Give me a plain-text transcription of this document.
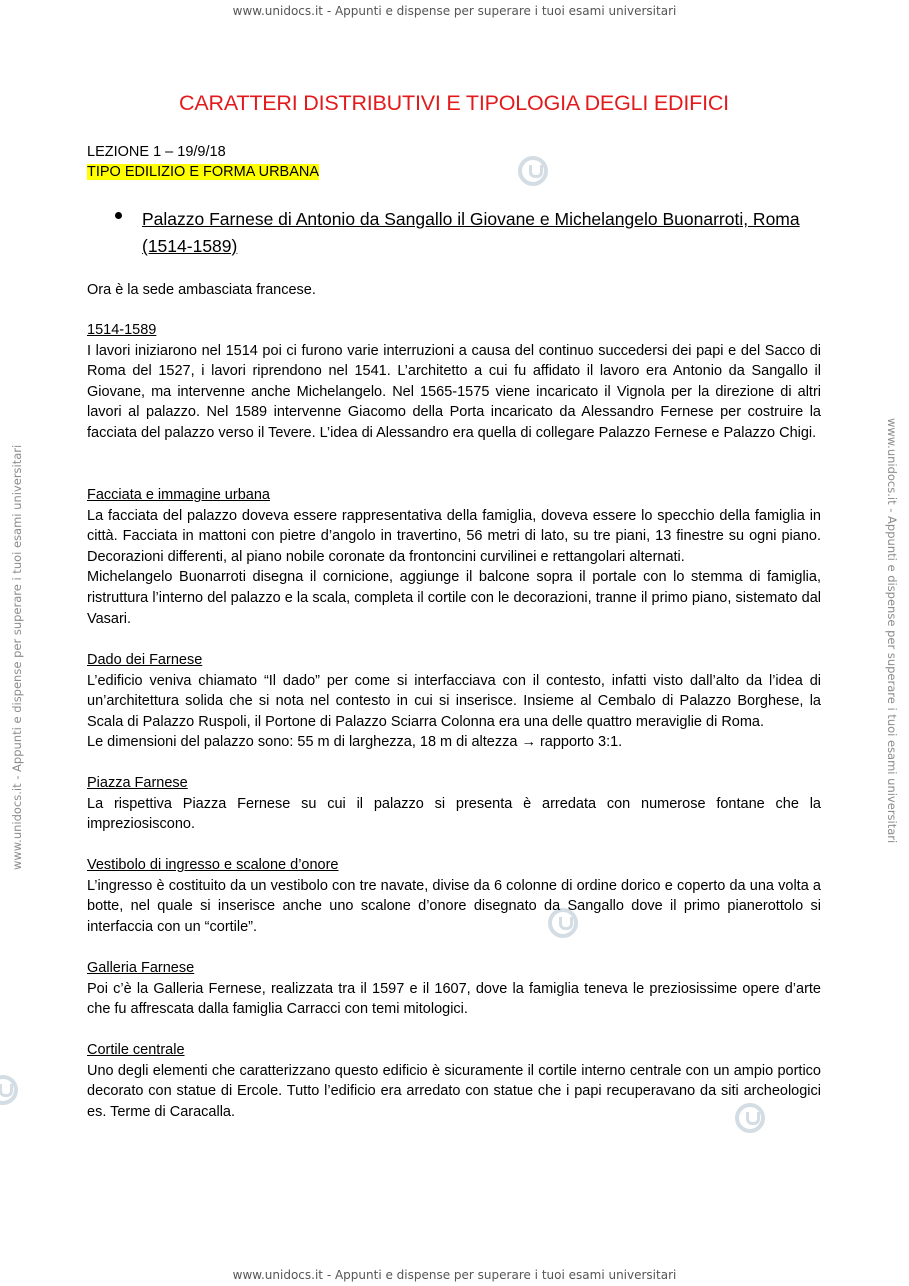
www.unidocs.it - Appunti e dispense per superare i tuoi esami universitari
www.unidocs.it - Appunti e dispense per superare i tuoi esami universitari	www.unidocs.it - Appunti e dispense per superare i tuoi esami universitari
CARATTERI DISTRIBUTIVI E TIPOLOGIA DEGLI EDIFICI
LEZIONE 1 – 19/9/18
TIPO EDILIZIO E FORMA URBANA
Palazzo Farnese di Antonio da Sangallo il Giovane e Michelangelo Buonarroti, Roma (1514-1589)
Ora è la sede ambasciata francese.
1514-1589

I lavori iniziarono nel 1514 poi ci furono varie interruzioni a causa del continuo succedersi dei papi e del Sacco di Roma del 1527, i lavori riprendono nel 1541. L’architetto a cui fu affidato il lavoro era Antonio da Sangallo il Giovane, ma intervenne anche Michelangelo. Nel 1565-1575 viene incaricato il Vignola per la direzione di altri lavori al palazzo. Nel 1589 intervenne Giacomo della Porta incaricato da Alessandro Fernese per costruire la facciata del palazzo verso il Tevere. L’idea di Alessandro era quella di collegare Palazzo Fernese e Palazzo Chigi.

Facciata e immagine urbana

La facciata del palazzo doveva essere rappresentativa della famiglia, doveva essere lo specchio della famiglia in città. Facciata in mattoni con pietre d’angolo in travertino, 56 metri di lato, su tre piani, 13 finestre su ogni piano. Decorazioni differenti, al piano nobile coronate da frontoncini curvilinei e rettangolari alternati.

Michelangelo Buonarroti disegna il cornicione, aggiunge il balcone sopra il portale con lo stemma di famiglia, ristruttura l’interno del palazzo e la scala, completa il cortile con le decorazioni, tranne il primo piano, sistemato dal Vasari.

Dado dei Farnese

L’edificio veniva chiamato “Il dado” per come si interfacciava con il contesto, infatti visto dall’alto da l’idea di un’architettura solida che si nota nel contesto in cui si inserisce. Insieme al Cembalo di Palazzo Borghese, la Scala di Palazzo Ruspoli, il Portone di Palazzo Sciarra Colonna era una delle quattro meraviglie di Roma.

Le dimensioni del palazzo sono: 55 m di larghezza, 18 m di altezza → rapporto 3:1.

Piazza Farnese

La rispettiva Piazza Fernese su cui il palazzo si presenta è arredata con numerose fontane che la impreziosiscono.

Vestibolo di ingresso e scalone d’onore

L’ingresso è costituito da un vestibolo con tre navate, divise da 6 colonne di ordine dorico e coperto da una volta a botte, nel quale si inserisce anche uno scalone d’onore disegnato da Sangallo dove il primo pianerottolo si interfaccia con un “cortile”.

Galleria Farnese

Poi c’è la Galleria Fernese, realizzata tra il 1597 e il 1607, dove la famiglia teneva le preziosissime opere d’arte che fu affrescata dalla famiglia Carracci con temi mitologici.

Cortile centrale

Uno degli elementi che caratterizzano questo edificio è sicuramente il cortile interno centrale con un ampio portico decorato con statue di Ercole. Tutto l’edificio era arredato con statue che i papi recuperavano da siti archeologici es. Terme di Caracalla.

www.unidocs.it - Appunti e dispense per superare i tuoi esami universitari
